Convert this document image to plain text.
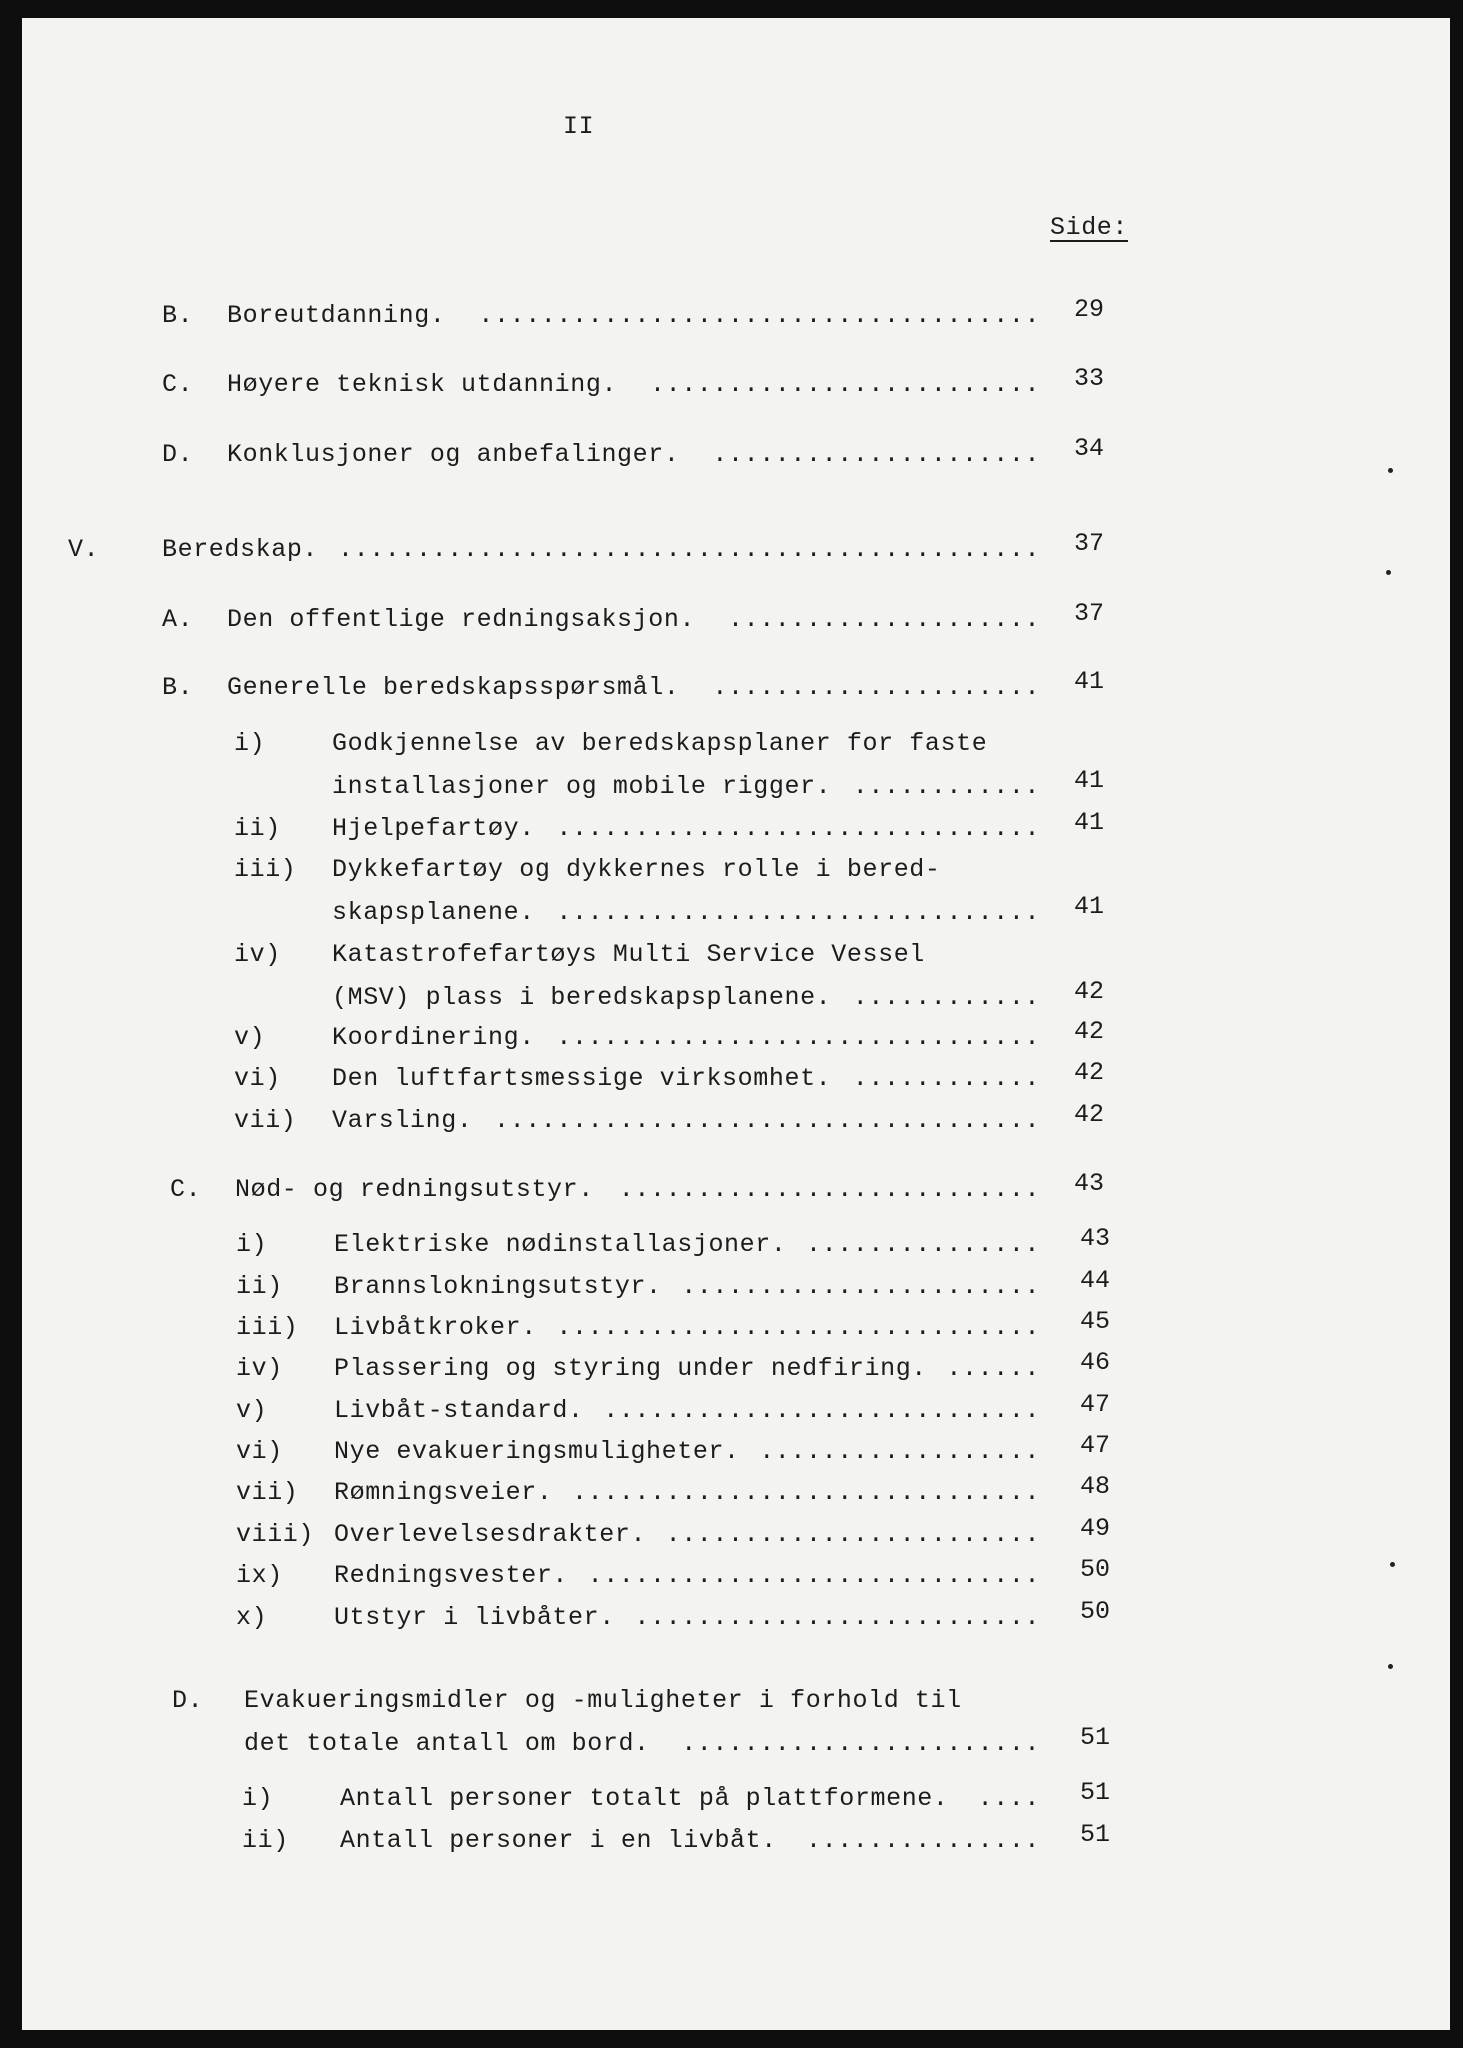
II
Side:
B. Boreutdanning. .................................... 29
C. Høyere teknisk utdanning. ......................... 33
D. Konklusjoner og anbefalinger. ..................... 34
V.	Beredskap. ............................................. 37
A. Den offentlige redningsaksjon. .................... 37
B. Generelle beredskapsspørsmål. ..................... 41
i)	Godkjennelse av beredskapsplaner for faste
installasjoner og mobile rigger. ............ 41
ii) Hjelpefartøy. ............................... 41
iii) Dykkefartøy og dykkernes rolle i bered-
skapsplanene. ............................... 41
iv) Katastrofefartøys Multi Service Vessel
(MSV) plass i beredskapsplanene. ............ 42
v)	Koordinering. ............................... 42
vi) Den luftfartsmessige virksomhet. ............ 42
vii) Varsling. ................................... 42
C. Nød- og redningsutstyr. ........................... 43
i)	Elektriske nødinstallasjoner. ............... 43
ii) Brannslokningsutstyr. ....................... 44
iii) Livbåtkroker. ............................... 45
iv) Plassering og styring under nedfiring. ...... 46
v)	Livbåt-standard. ............................ 47
vi) Nye evakueringsmuligheter. .................. 47
vii) Rømningsveier. .............................. 48
viii) Overlevelsesdrakter. ........................ 49
ix) Redningsvester. ............................. 50
x)	Utstyr i livbåter. .......................... 50
D. Evakueringsmidler og -muligheter i forhold til
det totale antall om bord. ....................... 51
i)	Antall personer totalt på plattformene. .... 51
ii) Antall personer i en livbåt. ............... 51
